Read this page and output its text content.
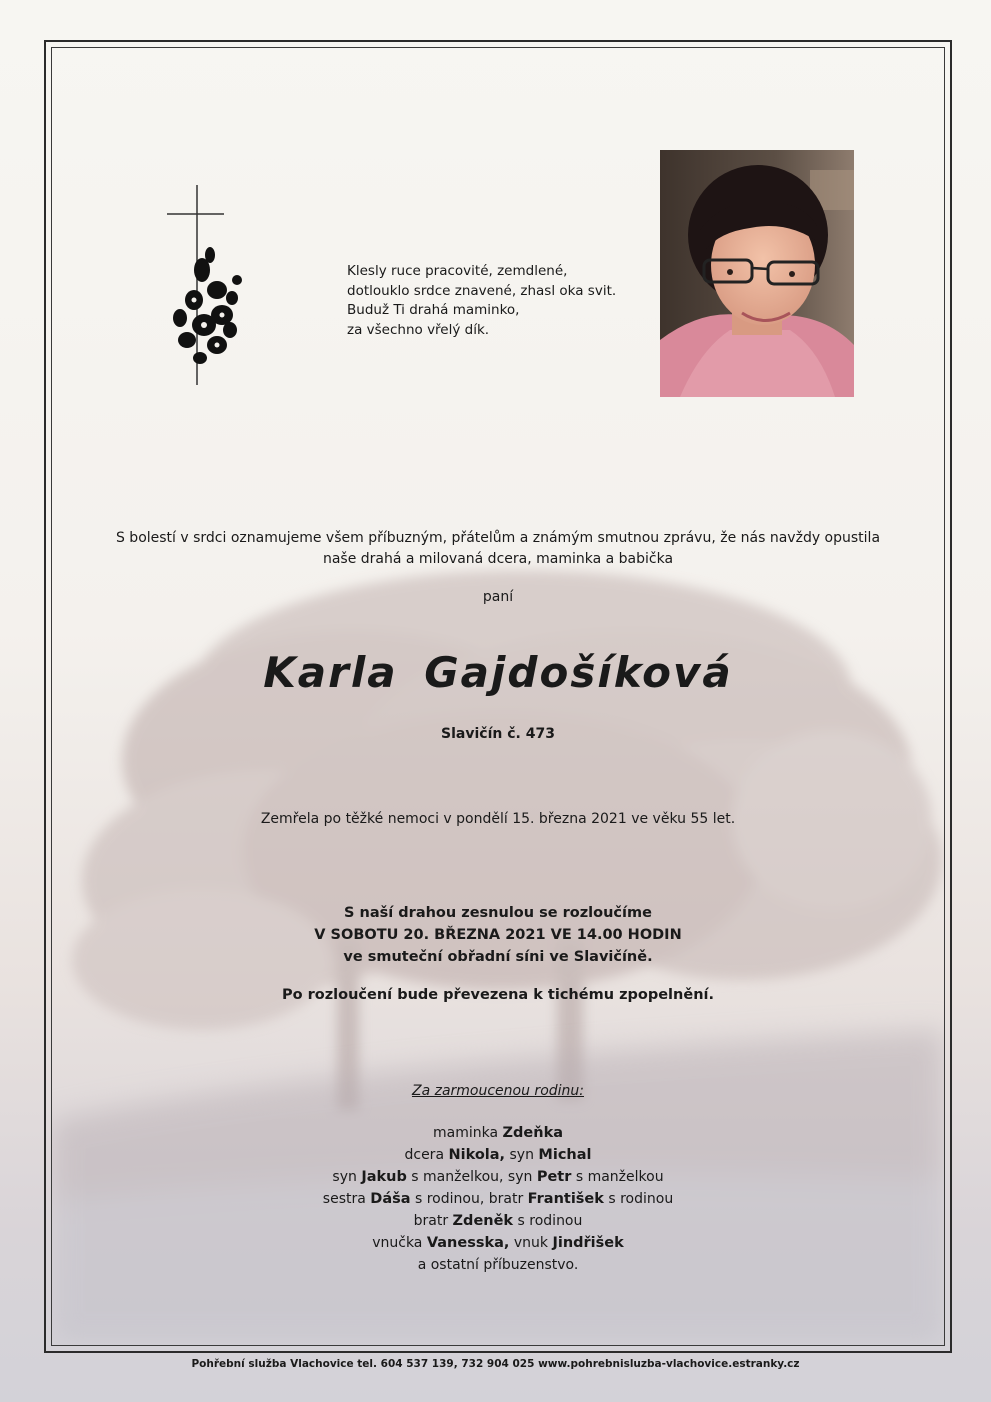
Klesly ruce pracovité, zemdlené,
dotlouklo srdce znavené, zhasl oka svit.
Buduž Ti drahá maminko,
za všechno vřelý dík.
S bolestí v srdci oznamujeme všem příbuzným, přátelům a známým smutnou zprávu, že nás navždy opustila
naše drahá a milovaná dcera, maminka a babička
paní
Karla Gajdošíková
Slavičín č. 473
Zemřela po těžké nemoci v pondělí 15. března 2021 ve věku 55 let.
S naší drahou zesnulou se rozloučíme
V SOBOTU 20. BŘEZNA 2021 VE 14.00 HODIN
ve smuteční obřadní síni ve Slavičíně.
Po rozloučení bude převezena k tichému zpopelnění.
Za zarmoucenou rodinu:
maminka Zdeňka
dcera Nikola, syn Michal
syn Jakub s manželkou, syn Petr s manželkou
sestra Dáša s rodinou, bratr František s rodinou
bratr Zdeněk s rodinou
vnučka Vanesska, vnuk Jindřišek
a ostatní příbuzenstvo.
Pohřební služba Vlachovice tel. 604 537 139, 732 904 025 www.pohrebnisluzba-vlachovice.estranky.cz
